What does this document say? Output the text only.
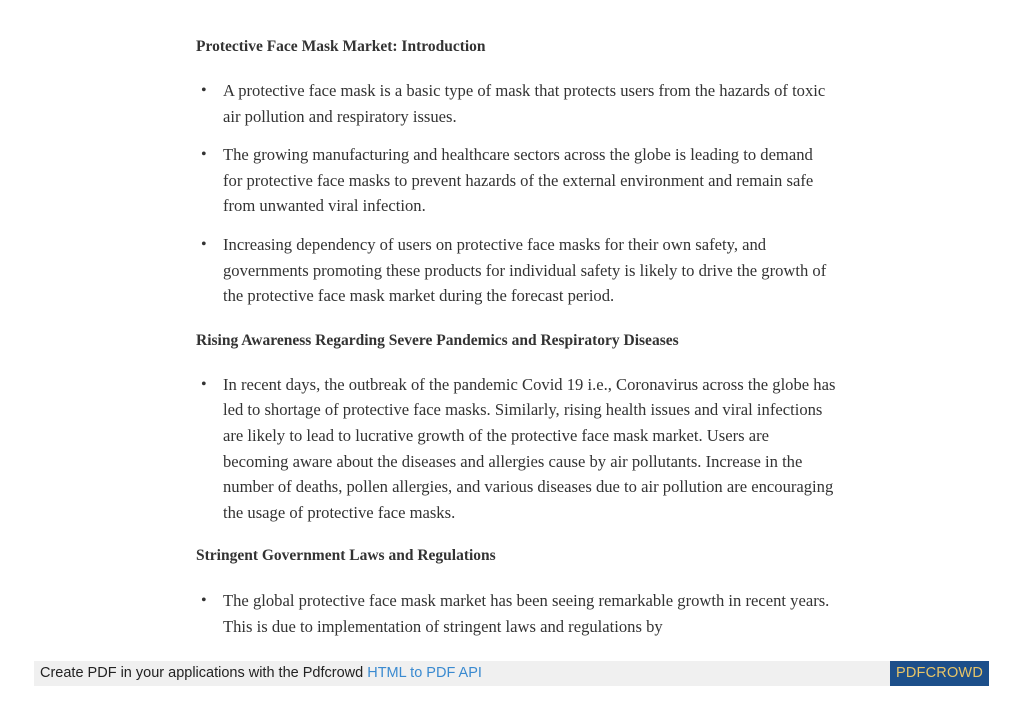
Protective Face Mask Market: Introduction
• A protective face mask is a basic type of mask that protects users from the hazards of toxic air pollution and respiratory issues.
• The growing manufacturing and healthcare sectors across the globe is leading to demand for protective face masks to prevent hazards of the external environment and remain safe from unwanted viral infection.
• Increasing dependency of users on protective face masks for their own safety, and governments promoting these products for individual safety is likely to drive the growth of the protective face mask market during the forecast period.
Rising Awareness Regarding Severe Pandemics and Respiratory Diseases
• In recent days, the outbreak of the pandemic Covid 19 i.e., Coronavirus across the globe has led to shortage of protective face masks. Similarly, rising health issues and viral infections are likely to lead to lucrative growth of the protective face mask market. Users are becoming aware about the diseases and allergies cause by air pollutants. Increase in the number of deaths, pollen allergies, and various diseases due to air pollution are encouraging the usage of protective face masks.
Stringent Government Laws and Regulations
• The global protective face mask market has been seeing remarkable growth in recent years. This is due to implementation of stringent laws and regulations by
Create PDF in your applications with the Pdfcrowd HTML to PDF API	PDFCROWD
